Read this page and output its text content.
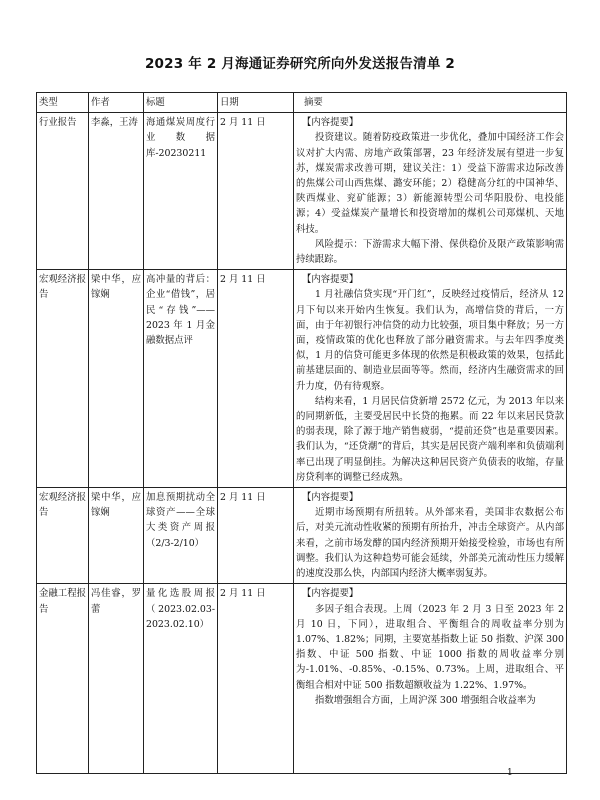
2023 年 2 月海通证券研究所向外发送报告清单 2
类型	作者	标题	日期	摘要
行业报告	李淼，王涛	海通煤炭周度行业数据库-20230211	2 月 11 日	【内容提要】

投资建议。随着防疫政策进一步优化，叠加中国经济工作会议对扩大内需、房地产政策部署，23 年经济发展有望进一步复苏，煤炭需求改善可期，建议关注：1）受益下游需求边际改善的焦煤公司山西焦煤、潞安环能；2）稳健高分红的中国神华、陕西煤业、兖矿能源；3）新能源转型公司华阳股份、电投能源；4）受益煤炭产量增长和投资增加的煤机公司郑煤机、天地科技。

风险提示：下游需求大幅下滑、保供稳价及限产政策影响需持续跟踪。

宏观经济报告	梁中华，应镓娴	高冲量的背后：企业“借钱”，居民“存钱”——2023 年 1 月金融数据点评	2 月 11 日	【内容提要】

1 月社融信贷实现“开门红”，反映经过疫情后，经济从 12 月下旬以来开始内生恢复。我们认为，高增信贷的背后，一方面，由于年初银行冲信贷的动力比较强，项目集中释放；另一方面，疫情政策的优化也释放了部分融资需求。与去年四季度类似，1 月的信贷可能更多体现的依然是积极政策的效果，包括此前基建层面的、制造业层面等等。然而，经济内生融资需求的回升力度，仍有待观察。

结构来看，1 月居民信贷新增 2572 亿元，为 2013 年以来的同期新低，主要受居民中长贷的拖累。而 22 年以来居民贷款的弱表现，除了源于地产销售疲弱，“提前还贷”也是重要因素。我们认为，“还贷潮”的背后，其实是居民资产端利率和负债端利率已出现了明显倒挂。为解决这种居民资产负债表的收缩，存量房贷利率的调整已经成熟。

宏观经济报告	梁中华，应镓娴	加息预期扰动全球资产——全球大类资产周报（2/3-2/10）	2 月 11 日	【内容提要】

近期市场预期有所扭转。从外部来看，美国非农数据公布后，对美元流动性收紧的预期有所抬升，冲击全球资产。从内部来看，之前市场发酵的国内经济预期开始接受检验，市场也有所调整。我们认为这种趋势可能会延续，外部美元流动性压力缓解的速度没那么快，内部国内经济大概率弱复苏。

金融工程报告	冯佳睿，罗蕾	量化选股周报（2023.02.03-2023.02.10）	2 月 11 日	【内容提要】

多因子组合表现。上周（2023 年 2 月 3 日至 2023 年 2 月 10 日，下同），进取组合、平衡组合的周收益率分别为 1.07%、1.82%；同期，主要宽基指数上证 50 指数、沪深 300 指数、中证 500 指数、中证 1000 指数的周收益率分别为-1.01%、-0.85%、-0.15%、0.73%。上周，进取组合、平衡组合相对中证 500 指数超额收益为 1.22%、1.97%。

指数增强组合方面，上周沪深 300 增强组合收益率为

1
